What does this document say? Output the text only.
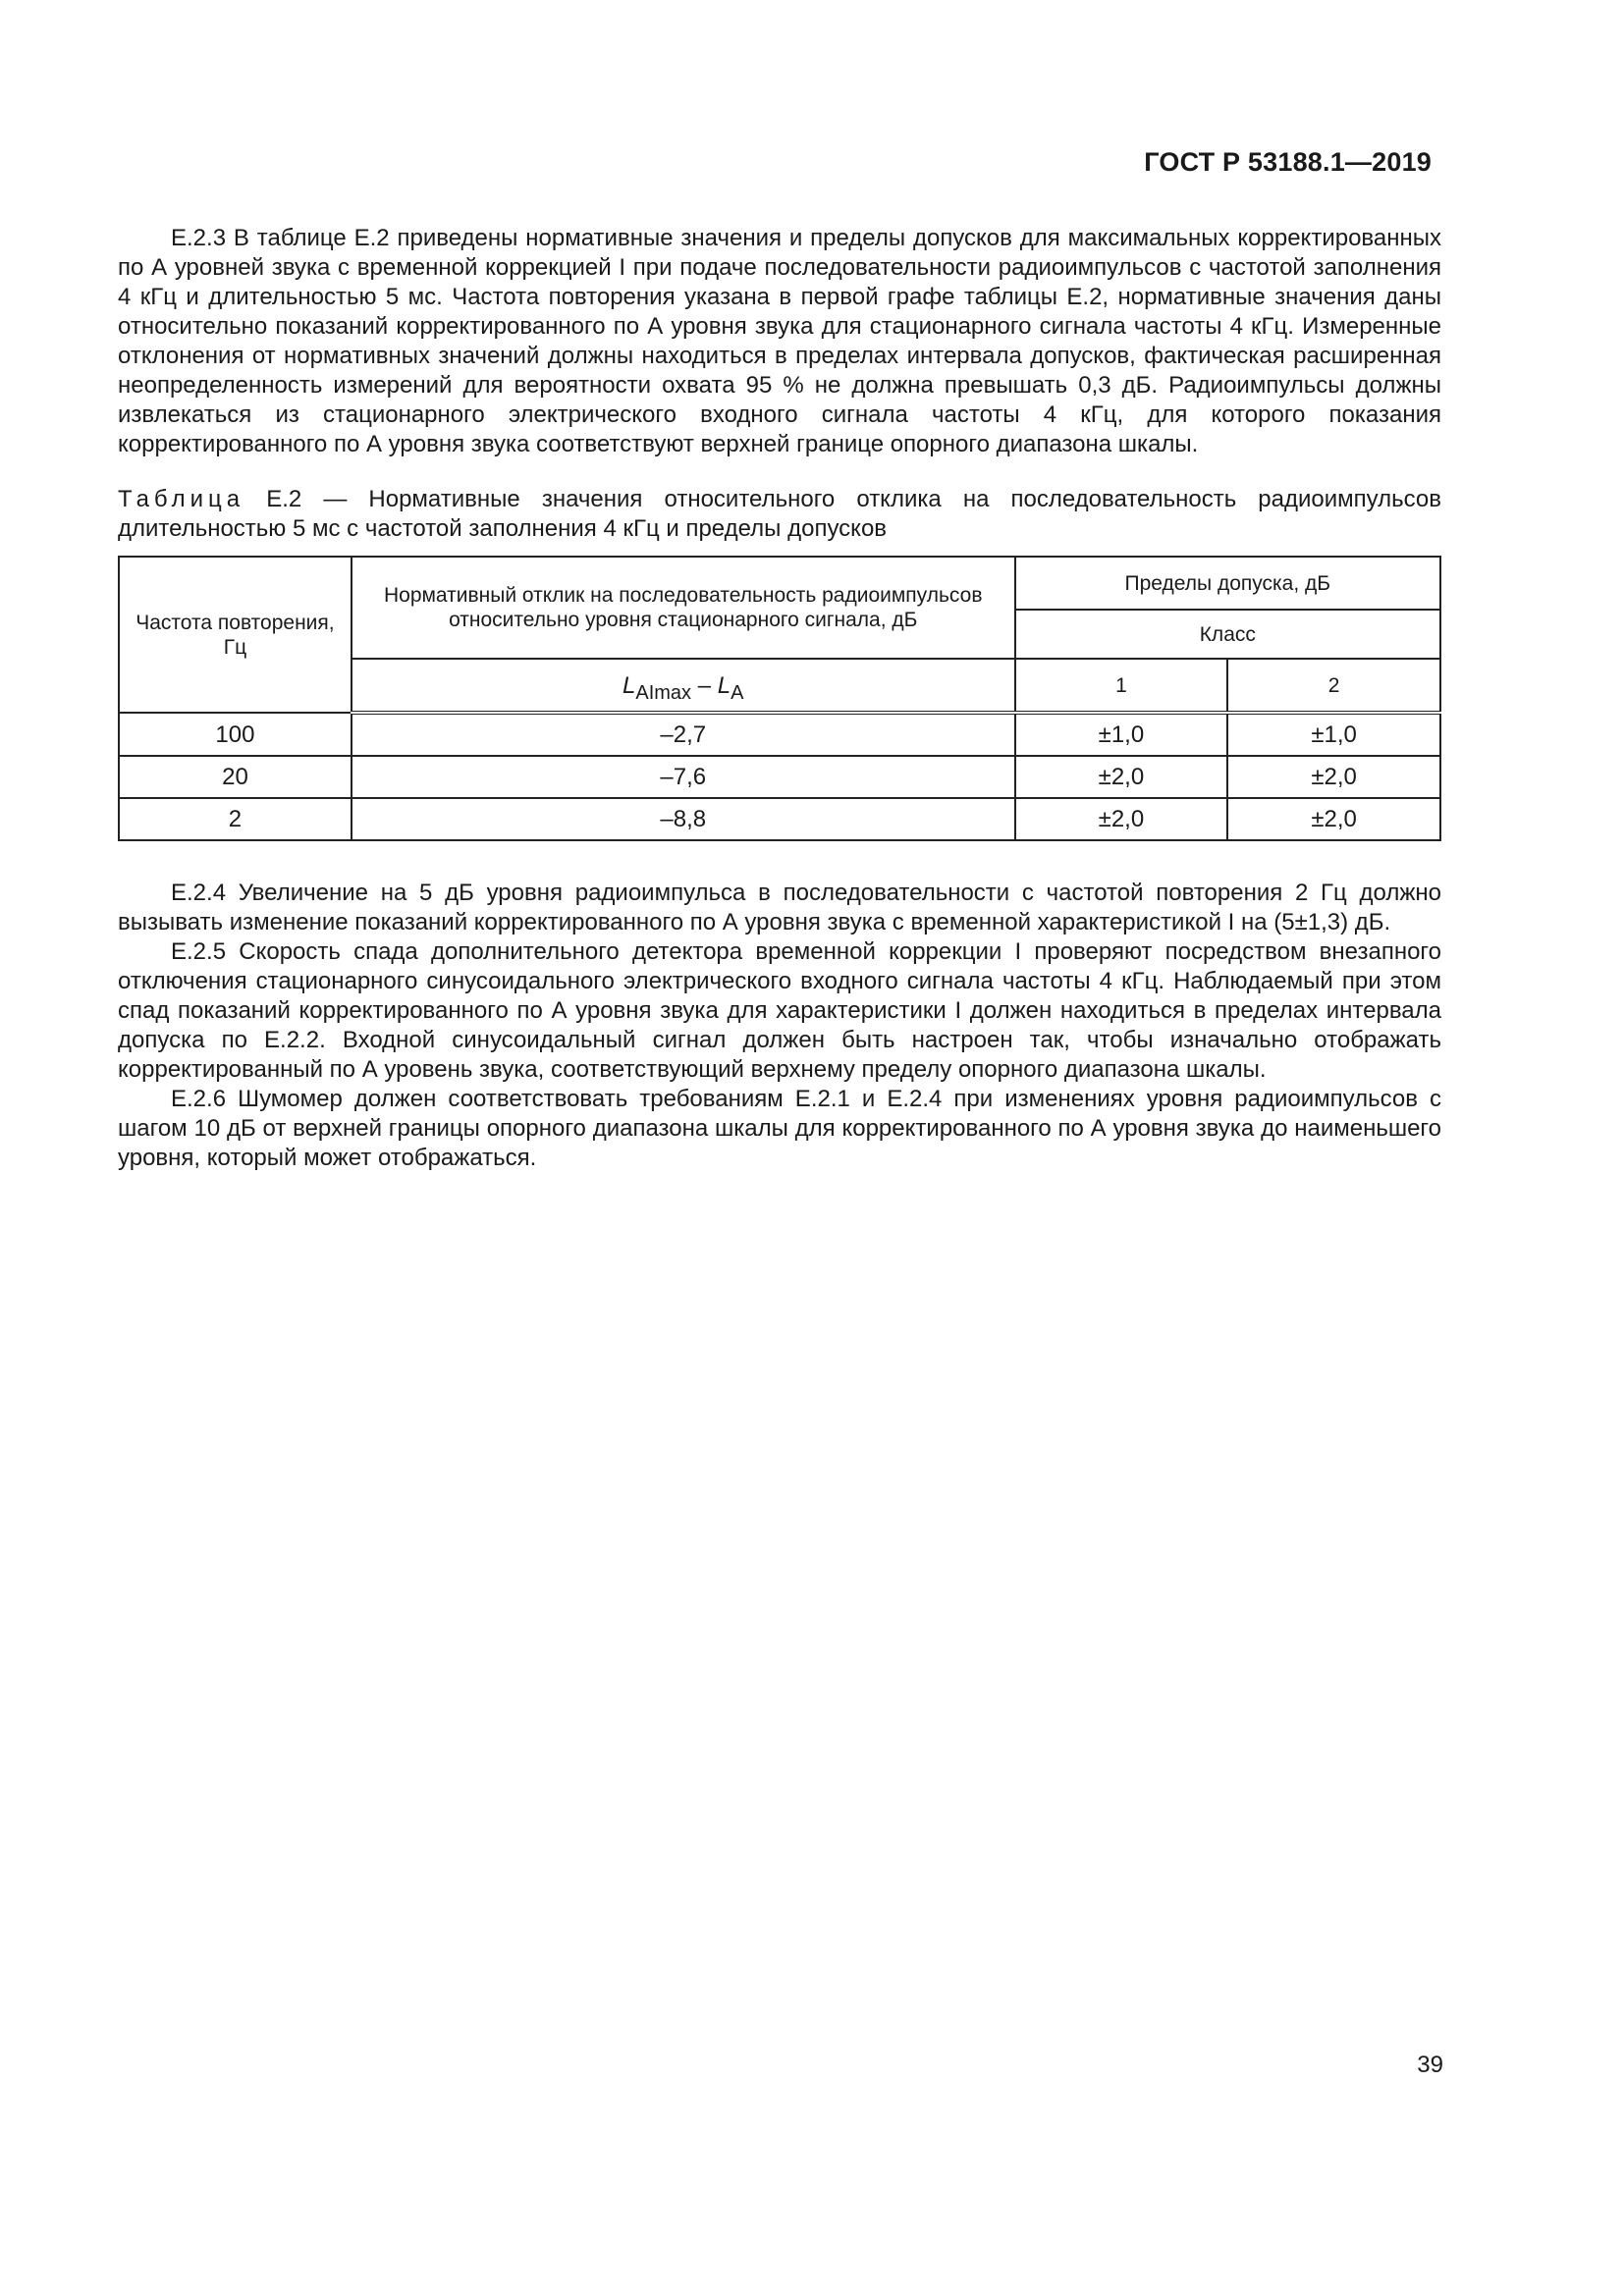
ГОСТ Р 53188.1—2019

Е.2.3 В таблице Е.2 приведены нормативные значения и пределы допусков для максимальных корректированных по А уровней звука с временной коррекцией I при подаче последовательности радиоимпульсов с частотой заполнения 4 кГц и длительностью 5 мс. Частота повторения указана в первой графе таблицы Е.2, нормативные значения даны относительно показаний корректированного по А уровня звука для стационарного сигнала частоты 4 кГц. Измеренные отклонения от нормативных значений должны находиться в пределах интервала допусков, фактическая расширенная неопределенность измерений для вероятности охвата 95 % не должна превышать 0,3 дБ. Радиоимпульсы должны извлекаться из стационарного электрического входного сигнала частоты 4 кГц, для которого показания корректированного по А уровня звука соответствуют верхней границе опорного диапазона шкалы.

Таблица Е.2 — Нормативные значения относительного отклика на последовательность радиоимпульсов длительностью 5 мс с частотой заполнения 4 кГц и пределы допусков
Частота повторения, Гц	Нормативный отклик на последовательность радиоимпульсов относительно уровня стационарного сигнала, дБ	Пределы допуска, дБ	
		Класс	
	$L_{AImax} - L_A$	1	2
100	–2,7	±1,0	±1,0
20	–7,6	±2,0	±2,0
2	–8,8	±2,0	±2,0

Е.2.4 Увеличение на 5 дБ уровня радиоимпульса в последовательности с частотой повторения 2 Гц должно вызывать изменение показаний корректированного по А уровня звука с временной характеристикой I на (5±1,3) дБ.

Е.2.5 Скорость спада дополнительного детектора временной коррекции I проверяют посредством внезапного отключения стационарного синусоидального электрического входного сигнала частоты 4 кГц. Наблюдаемый при этом спад показаний корректированного по А уровня звука для характеристики I должен находиться в пределах интервала допуска по Е.2.2. Входной синусоидальный сигнал должен быть настроен так, чтобы изначально отображать корректированный по А уровень звука, соответствующий верхнему пределу опорного диапазона шкалы.

Е.2.6 Шумомер должен соответствовать требованиям Е.2.1 и Е.2.4 при изменениях уровня радиоимпульсов с шагом 10 дБ от верхней границы опорного диапазона шкалы для корректированного по А уровня звука до наименьшего уровня, который может отображаться.

39
